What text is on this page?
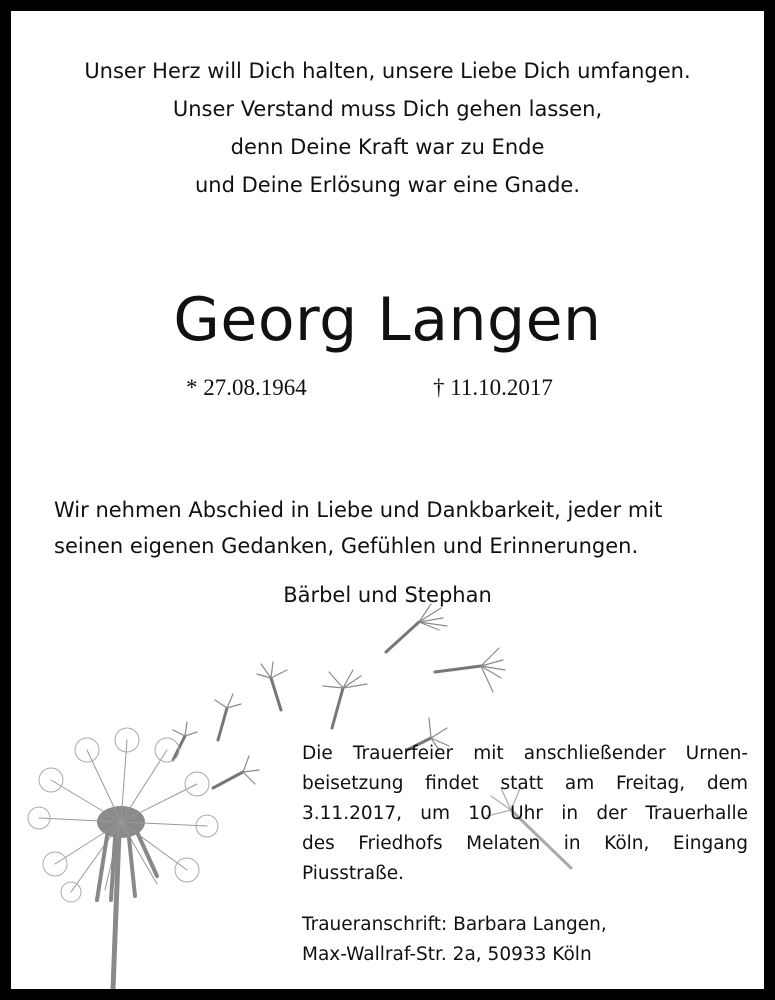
Unser Herz will Dich halten, unsere Liebe Dich umfangen.
Unser Verstand muss Dich gehen lassen,
denn Deine Kraft war zu Ende
und Deine Erlösung war eine Gnade.
Georg Langen
* 27.08.1964	† 11.10.2017
Wir nehmen Abschied in Liebe und Dankbarkeit, jeder mit
seinen eigenen Gedanken, Gefühlen und Erinnerungen.
Bärbel und Stephan
Die Trauerfeier mit anschließender Urnen-
beisetzung findet statt am Freitag, dem
3.11.2017, um 10 Uhr in der Trauerhalle
des Friedhofs Melaten in Köln, Eingang
Piusstraße.
Traueranschrift: Barbara Langen,
Max-Wallraf-Str. 2a, 50933 Köln
